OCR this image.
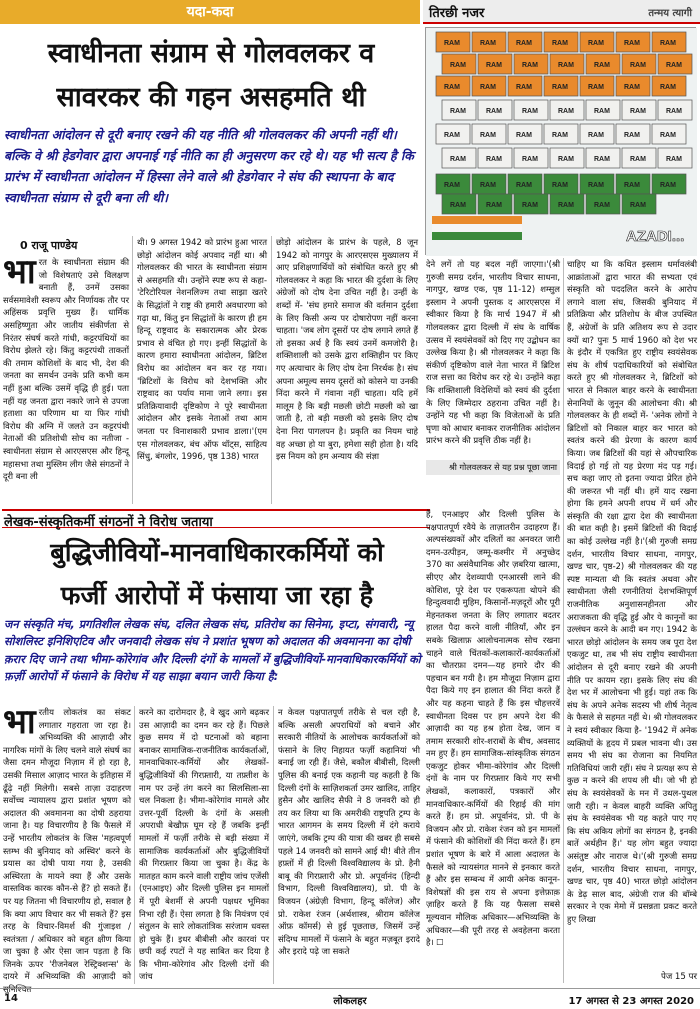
यदा-कदा	तिरछी नजर	तन्मय त्यागी
RAM	RAM	RAM	RAM	RAM	RAM	RAM
RAM	RAM	RAM	RAM	RAM	RAM	RAM
RAM	RAM	RAM	RAM	RAM	RAM	RAM
RAM	RAM	RAM	RAM	RAM	RAM	RAM
RAM	RAM	RAM	RAM	RAM	RAM	RAM
RAM	RAM	RAM	RAM	RAM	RAM	RAM
RAM	RAM	RAM	RAM	RAM	RAM	RAM
RAM	RAM	RAM	RAM	RAM	RAM
AZADI...
स्वाधीनता संग्राम से गोलवलकर व
सावरकर की गहन असहमति थी
स्वाधीनता आंदोलन से दूरी बनाए रखने की यह नीति श्री गोलवलकर की अपनी नहीं थी। बल्कि वे श्री हेडगेवार द्वारा अपनाई गई नीति का ही अनुसरण कर रहे थे। यह भी सत्य है कि प्रारंभ में स्वाधीनता आंदोलन में हिस्सा लेने वाले श्री हेडगेवार ने संघ की स्थापना के बाद स्वाधीनता संग्राम से दूरी बना ली थी।
0 राजू पाण्डेय
भारत के स्वाधीनता संग्राम की जो विशेषताएं उसे विलक्षण बनाती हैं, उनमें उसका सर्वसमावेशी स्वरूप और निर्णायक तौर पर अहिंसक प्रवृत्ति मुख्य हैं। धार्मिक असहिष्णुता और जातीय संकीर्णता से निरंतर संघर्ष करते गांधी, कट्टरपंथियों का विरोध झेलते रहे। किंतु कट्टरपंथी ताकतों की तमाम कोशिशों के बाद भी, देश की जनता का समर्थन उनके प्रति कभी कम नहीं हुआ बल्कि उसमें वृद्धि ही हुई। पता नहीं यह जनता द्वारा नकारे जाने से उपजा हताशा का परिणाम था या फिर गांधी विरोध की अग्नि में जलते उन कट्टरपंथी नेताओं की प्रतिशोधी सोच का नतीजा - स्वाधीनता संग्राम से आरएसएस और हिन्दू महासभा तथा मुस्लिम लीग जैसे संगठनों ने दूरी बना ली
थी। 9 अगस्त 1942 को प्रारंभ हुआ भारत छोड़ो आंदोलन कोई अपवाद नहीं था। श्री गोलवलकर की भारत के स्वाधीनता संग्राम से असहमति थी। उन्होंने स्पष्ट रूप से कहा- 'टेरिटोरियल नेशनलिज्म तथा साझा खतरे के सिद्धांतों ने राष्ट्र की हमारी अवधारणा को गढ़ा था, किंतु इन सिद्धांतों के कारण ही हम हिन्दू राष्ट्रवाद के सकारात्मक और प्रेरक प्रभाव से वंचित हो गए। इन्हीं सिद्धांतों के कारण हमारा स्वाधीनता आंदोलन, ब्रिटिश विरोध का आंदोलन बन कर रह गया। 'ब्रिटिशों के विरोध को देशभक्ति और राष्ट्रवाद का पर्याय माना जाने लगा। इस प्रतिक्रियावादी दृष्टिकोण ने पूरे स्वाधीनता आंदोलन और इसके नेताओं तथा आम जनता पर विनाशकारी प्रभाव डाला।'(एम एस गोलवलकर, बंच ऑफ थॉट्स, साहित्य सिंधु, बंगलोर, 1996, पृष्ठ 138) भारत
छोड़ो आंदोलन के प्रारंभ के पहले, 8 जून 1942 को नागपुर के आरएसएस मुख्यालय में आए प्रशिक्षणार्थियों को संबोधित करते हुए श्री गोलवलकर ने कहा कि भारत की दुर्दशा के लिए अंग्रेजों को दोष देना उचित नहीं है। उन्हीं के शब्दों में- 'संघ हमारे समाज की वर्तमान दुर्दशा के लिए किसी अन्य पर दोषारोपण नहीं करना चाहता। 'जब लोग दूसरों पर दोष लगाने लगते हैं तो इसका अर्थ है कि स्वयं उनमें कमजोरी है। शक्तिशाली को उसके द्वारा शक्तिहीन पर किए गए अत्याचार के लिए दोष देना निरर्थक है। संघ अपना अमूल्य समय दूसरों को कोसने या उनकी निंदा करने में गंवाना नहीं चाहता। यदि हमें मालूम है कि बड़ी मछली छोटी मछली को खा जाती है, तो बड़ी मछली को इसके लिए दोष देना निरा पागलपन है। प्रकृति का नियम चाहे वह अच्छा हो या बुरा, हमेशा सही होता है। यदि इस नियम को हम अन्याय की संज्ञा
देने लगें तो यह बदल नहीं जाएगा।'(श्री गुरुजी समग्र दर्शन, भारतीय विचार साधना, नागपुर, खण्ड एक, पृष्ठ 11-12) शम्सुल इस्लाम ने अपनी पुस्तक द आरएसएस में स्वीकार किया है कि मार्च 1947 में श्री गोलवलकर द्वारा दिल्ली में संघ के वार्षिक उत्सव में स्वयंसेवकों को दिए गए उद्बोधन का उल्लेख किया है। श्री गोलवलकर ने कहा कि संकीर्ण दृष्टिकोण वाले नेता भारत में ब्रिटिश राज सत्ता का विरोध कर रहे थे। उन्होंने कहा कि शक्तिशाली विदेशियों को स्वयं की दुर्दशा के लिए जिम्मेदार ठहराना उचित नहीं है। उन्होंने यह भी कहा कि विजेताओं के प्रति घृणा को आधार बनाकर राजनीतिक आंदोलन प्रारंभ करने की प्रवृत्ति ठीक नहीं है।
श्री गोलवलकर से यह प्रश्न पूछा जाना
चाहिए था कि कथित इस्लाम धर्मावलंबी आक्रांताओं द्वारा भारत की सभ्यता एवं संस्कृति को पददलित करने के आरोप लगाने वाला संघ, जिसकी बुनियाद में प्रतिक्रिया और प्रतिशोध के बीज उपस्थित हैं, अंग्रेजों के प्रति अतिशय रूप से उदार क्यों था? पुनः 5 मार्च 1960 को देश भर के इंदौर में एकत्रित हुए राष्ट्रीय स्वयंसेवक संघ के शीर्ष पदाधिकारियों को संबोधित करते हुए श्री गोलवलकर ने, ब्रिटिशों को भारत से निकाल बाहर करने के स्वाधीनता सेनानियों के जुनून की आलोचना की। श्री गोलवलकर के ही शब्दों में- 'अनेक लोगों ने ब्रिटिशों को निकाल बाहर कर भारत को स्वतंत्र करने की प्रेरणा के कारण कार्य किया। जब ब्रिटिशों की यहां से औपचारिक विदाई हो गई तो यह प्रेरणा मंद पड़ गई। सच कहा जाए तो इतना ज्यादा प्रेरित होने की जरूरत भी नहीं थी। हमें याद रखना होगा कि हमने अपनी शपथ में धर्म और संस्कृति की रक्षा द्वारा देश की स्वाधीनता की बात कही है। इसमें ब्रिटिशों की विदाई का कोई उल्लेख नहीं है।'(श्री गुरुजी समग्र दर्शन, भारतीय विचार साधना, नागपुर, खण्ड चार, पृष्ठ-2) श्री गोलवलकर की यह स्पष्ट मान्यता थी कि स्वतंत्र अथवा और स्वाधीनता जैसी रणनीतियां देशभक्तिपूर्ण राजनीतिक अनुशासनहीनता और अराजकता की वृद्धि हुई और ये कानूनों का उल्लंघन करने के आदी बन गए। 1942 के भारत छोड़ो आंदोलन के समय जब पूरा देश एकजुट था, तब भी संघ राष्ट्रीय स्वाधीनता आंदोलन से दूरी बनाए रखने की अपनी नीति पर कायम रहा। इसके लिए संघ की देश भर में आलोचना भी हुई। यहां तक कि संघ के अपने अनेक सदस्य भी शीर्ष नेतृत्व के फैसले से सहमत नहीं थे। श्री गोलवलकर ने स्वयं स्वीकार किया है- '1942 में अनेक व्यक्तियों के हृदय में प्रबल भावना थी। उस समय भी संघ का रोजाना का नियमित गतिविधियां जारी रहीं। संघ ने प्रत्यक्ष रूप से कुछ न करने की शपथ ली थी। जो भी हो संघ के स्वयंसेवकों के मन में उथल-पुथल जारी रही। न केवल बाहरी व्यक्ति अपितु संघ के स्वयंसेवक भी यह कहते पाए गए कि संघ अकिय लोगों का संगठन है, इनकी बातें अर्थहीन हैं।' यह लोग बहुत ज्यादा असंतुष्ट और नाराज थे।'(श्री गुरुजी समग्र दर्शन, भारतीय विचार साधना, नागपुर, खण्ड चार, पृष्ठ 40) भारत छोड़ो आंदोलन के डेढ़ साल बाद, अंग्रेजी राज की बॉम्बे सरकार ने एक मेमो में प्रसन्नता प्रकट करते हुए लिखा
पेज 15 पर
लेखक-संस्कृतिकर्मी संगठनों ने विरोध जताया
बुद्धिजीवियों-मानवाधिकारकर्मियों को
फर्जी आरोपों में फंसाया जा रहा है
जन संस्कृति मंच, प्रगतिशील लेखक संघ, दलित लेखक संघ, प्रतिरोध का सिनेमा, इप्टा, संगवारी, न्यू सोशलिस्ट इनिशिएटिव और जनवादी लेखक संघ ने प्रशांत भूषण को अदालत की अवमानना का दोषी क़रार दिए जाने तथा भीमा-कोरेगांव और दिल्ली दंगों के मामलों में बुद्धिजीवियों-मानवाधिकारकर्मियों को फ़र्ज़ी आरोपों में फंसाने के विरोध में यह साझा बयान जारी किया है:
भारतीय लोकतंत्र का संकट लगातार गहराता जा रहा है। अभिव्यक्ति की आज़ादी और नागरिक मांगों के लिए चलने वाले संघर्ष का जैसा दमन मौजूदा निज़ाम में हो रहा है, उसकी मिसाल आज़ाद भारत के इतिहास में ढूँढ़े नहीं मिलेगी। सबसे ताज़ा उदाहरण सर्वोच्च न्यायालय द्वारा प्रशांत भूषण को अदालत की अवमानना का दोषी ठहराया जाना है। यह विचारणीय है कि फैसले में उन्हें भारतीय लोकतंत्र के जिस 'महत्वपूर्ण स्तम्भ की बुनियाद को अस्थिर' करने के प्रयास का दोषी पाया गया है, उसकी अस्थिरता के मायने क्या हैं और उसके वास्तविक कारक कौन-से हैं? हो सकते हैं। पर यह जितना भी विचारणीय हो, सवाल है कि क्या आप विचार कर भी सकते हैं? इस तरह के विचार-विमर्श की गुंजाइश / स्वतंत्रता / अधिकार को बहुत क्षीण किया जा चुका है और ऐसा जान पड़ता है कि जिनके ऊपर 'रीजनेबल रेस्ट्रिक्शन्स' के दायरे में अभिव्यक्ति की आज़ादी को सुनिश्चित
करने का दारोमदार है, वे खुद आगे बढ़कर उस आज़ादी का दमन कर रहे हैं। पिछले कुछ समय में दो घटनाओं को बहाना बनाकर सामाजिक-राजनीतिक कार्यकर्ताओं, मानवाधिकार-कर्मियों और लेखकों-बुद्धिजीवियों की गिरफ़्तारी, या तफ़्तीश के नाम पर उन्हें तंग करने का सिलसिला-सा चल निकला है। भीमा-कोरेगांव मामले और उत्तर-पूर्वी दिल्ली के दंगों के असली अपराधी बेखौफ़ घूम रहे हैं जबकि इन्हीं मामलों में फर्ज़ी तरीके से बड़ी संख्या में सामाजिक कार्यकर्ताओं और बुद्धिजीवियों की गिरफ़्तार किया जा चुका है। केंद्र के मातहत काम करने वाली राष्ट्रीय जांच एजेंसी (एनआइए) और दिल्ली पुलिस इन मामलों में पूरी बेशर्मी से अपनी पक्षधर भूमिका निभा रही हैं। ऐसा लगता है कि नियंत्रण एवं संतुलन के सारे लोकतांत्रिक सरंजाम धवस्त हो चुके हैं। इधर बीबीसी और कारवां पर छपी कई रपटों ने यह साबित कर दिया है कि भीमा-कोरेगांव और दिल्ली दंगों की जांच
न केवल पक्षपातपूर्ण तरीके से चल रही है, बल्कि असली अपराधियों को बचाने और सरकारी नीतियों के आलोचक कार्यकर्ताओं को फंसाने के लिए निहायत फर्ज़ी कहानियां भी बनाई जा रही हैं। जैसे, बकौल बीबीसी, दिल्ली पुलिस की बनाई एक कहानी यह कहती है कि दिल्ली दंगों के साज़िशकर्ता उमर खालिद, ताहिर हुसैन और खालिद सैफी ने 8 जनवरी को ही तय कर लिया था कि अमरीकी राष्ट्रपति ट्रम्प के भारत आगमन के समय दिल्ली में दंगे कराये जाएंगे, जबकि ट्रम्प की यात्रा की खबर ही सबसे पहले 14 जनवरी को सामने आई थी! बीते तीन हफ़्तों में ही दिल्ली विश्वविद्यालय के प्रो. हैनी बाबू की गिरफ़्तारी और प्रो. अपूर्वानंद (हिन्दी विभाग, दिल्ली विश्वविद्यालय), प्रो. पी के विजयन (अंग्रेज़ी विभाग, हिन्दू कॉलेज) और प्रो. राकेश रंजन (अर्थशास्त्र, श्रीराम कॉलेज ऑफ़ कॉमर्स) से हुई पूछताछ, जिसमें उन्हें संदिग्ध मामलों में फंसाने के बहुत मज़बूत इरादे और इरादे पढ़े जा सकते
हैं, एनआइए और दिल्ली पुलिस के पक्षपातपूर्ण रवैये के ताज़ातरीन उदाहरण हैं। अल्पसंख्यकों और दलितों का अनवरत जारी दमन-उत्पीड़न, जम्मू-कश्मीर में अनुच्छेद 370 का असंवैधानिक और ज़बरिया खात्मा, सीएए और देशव्यापी एनआरसी लाने की कोशिश, पूरे देश पर एकरूपता थोपने की हिन्दुत्ववादी मुहिम, किसानों-मज़दूरों और पूरी मेहनतकश जनता के लिए लगातार बदतर हालत पैदा करने वाली नीतियाँ, और इन सबके खिलाफ़ आलोचनात्मक सोच रखना चाहने वाले चिंतकों-कलाकारों-कार्यकर्ताओं का चौतरफ़ा दमन—यह हमारे दौर की पहचान बन गयी है। हम मौजूदा निज़ाम द्वारा पैदा किये गए इन हालात की निंदा करते हैं और यह कहना चाहते हैं कि इस चौहत्तरवें स्वाधीनता दिवस पर हम अपने देश की आज़ादी का यह हश्र होता देख, जान व तमाम सरकारी शोर-शराबों के बीच, अवसाद नम हुए हैं। हम सामाजिक-सांस्कृतिक संगठन एकजुट होकर भीमा-कोरेगांव और दिल्ली दंगों के नाम पर गिरफ़्तार किये गए सभी लेखकों, कलाकारों, पत्रकारों और मानवाधिकार-कर्मियों की रिहाई की मांग करते हैं। हम प्रो. अपूर्वानंद, प्रो. पी के विजयन और प्रो. राकेश रंजन को इन मामलों में फंसाने की कोशिशों की निंदा करते हैं। हम प्रशांत भूषण के बारे में आला अदालत के फैसले को न्यायसंगत मानने से इनकार करते हैं और इस सम्बन्ध में आयी अनेक कानून-विशेषज्ञों की इस राय से अपना इत्तेफ़ाक़ ज़ाहिर करते हैं कि यह फैसला सबसे मूल्यवान मौलिक अधिकार—अभिव्यक्ति के अधिकार—की पूरी तरह से अवहेलना करता है। ☐
14	लोकलहर	17 अगस्त से 23 अगस्त 2020
